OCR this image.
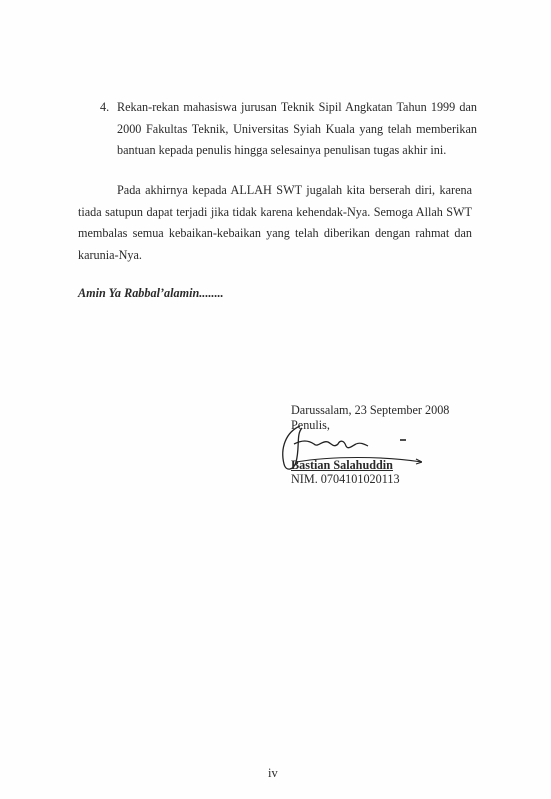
4. Rekan-rekan mahasiswa jurusan Teknik Sipil Angkatan Tahun 1999 dan 2000 Fakultas Teknik, Universitas Syiah Kuala yang telah memberikan bantuan kepada penulis hingga selesainya penulisan tugas akhir ini.
Pada akhirnya kepada ALLAH SWT jugalah kita berserah diri, karena tiada satupun dapat terjadi jika tidak karena kehendak-Nya. Semoga Allah SWT membalas semua kebaikan-kebaikan yang telah diberikan dengan rahmat dan karunia-Nya.
Amin Ya Rabbal’alamin........
Darussalam, 23 September 2008
Penulis,
Bastian Salahuddin
NIM. 0704101020113
iv
